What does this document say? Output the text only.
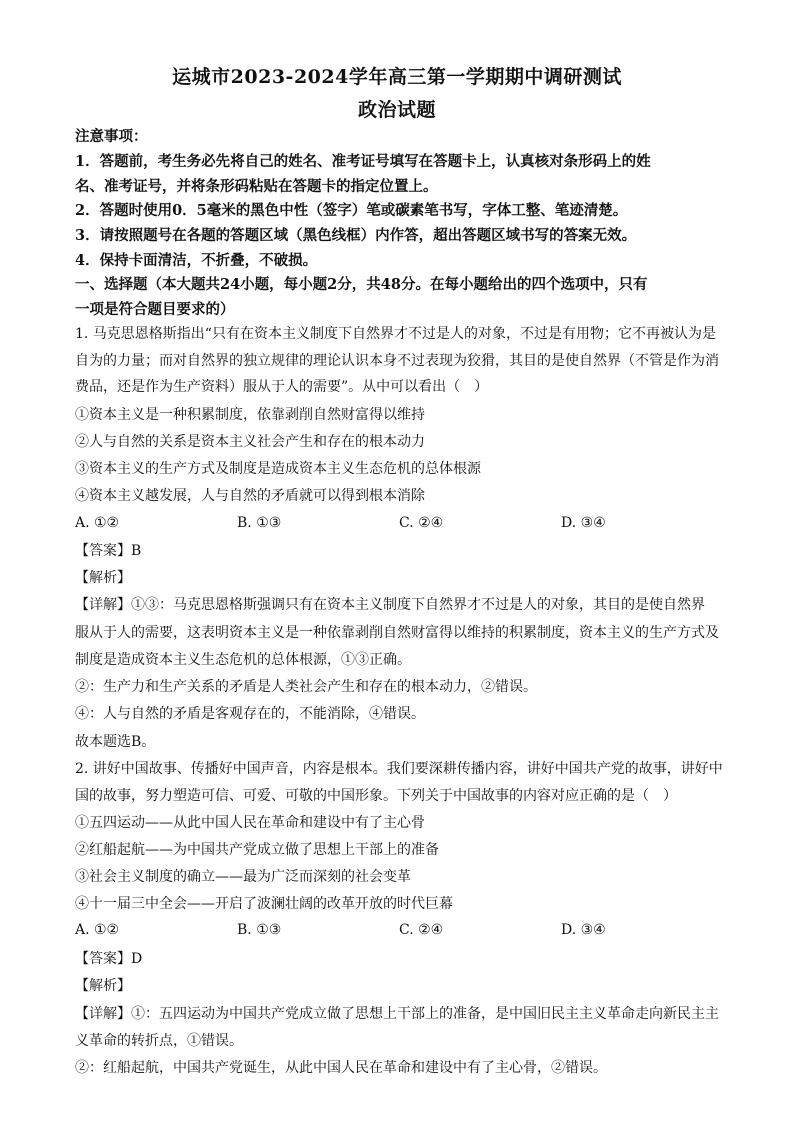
运城市2023-2024学年高三第一学期期中调研测试
政治试题
注意事项：
1．答题前，考生务必先将自己的姓名、准考证号填写在答题卡上，认真核对条形码上的姓
名、准考证号，并将条形码粘贴在答题卡的指定位置上。
2．答题时使用0．5毫米的黑色中性（签字）笔或碳素笔书写，字体工整、笔迹清楚。
3．请按照题号在各题的答题区域（黑色线框）内作答，超出答题区域书写的答案无效。
4．保持卡面清洁，不折叠，不破损。
一、选择题（本大题共24小题，每小题2分，共48分。在每小题给出的四个选项中，只有
一项是符合题目要求的）
1. 马克思恩格斯指出“只有在资本主义制度下自然界才不过是人的对象，不过是有用物；它不再被认为是
自为的力量；而对自然界的独立规律的理论认识本身不过表现为狡猾，其目的是使自然界（不管是作为消
费品，还是作为生产资料）服从于人的需要”。从中可以看出（　）
①资本主义是一种积累制度，依靠剥削自然财富得以维持
②人与自然的关系是资本主义社会产生和存在的根本动力
③资本主义的生产方式及制度是造成资本主义生态危机的总体根源
④资本主义越发展，人与自然的矛盾就可以得到根本消除
A. ①②	B. ①③	C. ②④	D. ③④
【答案】B
【解析】
【详解】①③：马克思恩格斯强调只有在资本主义制度下自然界才不过是人的对象，其目的是使自然界
服从于人的需要，这表明资本主义是一种依靠剥削自然财富得以维持的积累制度，资本主义的生产方式及
制度是造成资本主义生态危机的总体根源，①③正确。
②：生产力和生产关系的矛盾是人类社会产生和存在的根本动力，②错误。
④：人与自然的矛盾是客观存在的，不能消除，④错误。
故本题选B。
2. 讲好中国故事、传播好中国声音，内容是根本。我们要深耕传播内容，讲好中国共产党的故事，讲好中
国的故事，努力塑造可信、可爱、可敬的中国形象。下列关于中国故事的内容对应正确的是（　）
①五四运动——从此中国人民在革命和建设中有了主心骨
②红船起航——为中国共产党成立做了思想上干部上的准备
③社会主义制度的确立——最为广泛而深刻的社会变革
④十一届三中全会——开启了波澜壮阔的改革开放的时代巨幕
A. ①②	B. ①③	C. ②④	D. ③④
【答案】D
【解析】
【详解】①：五四运动为中国共产党成立做了思想上干部上的准备，是中国旧民主主义革命走向新民主主
义革命的转折点，①错误。
②：红船起航，中国共产党诞生，从此中国人民在革命和建设中有了主心骨，②错误。
